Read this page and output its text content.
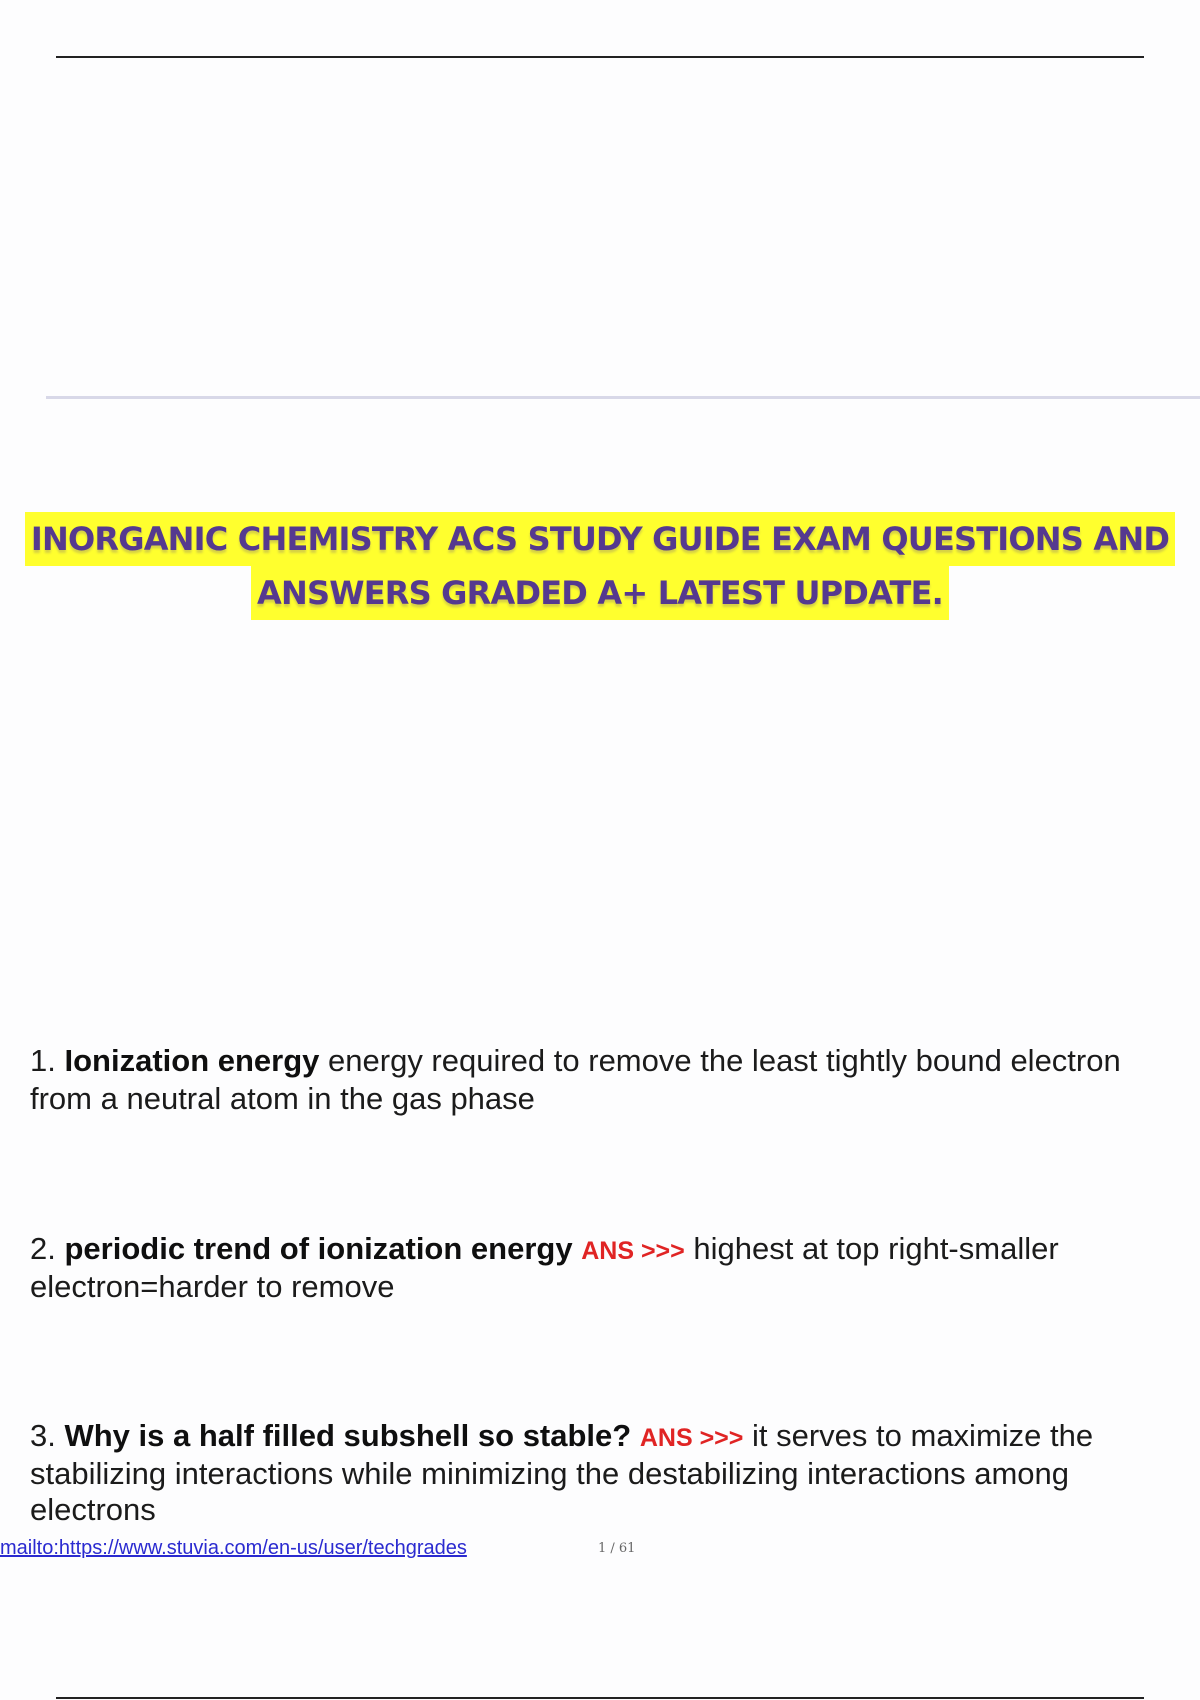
INORGANIC CHEMISTRY ACS STUDY GUIDE EXAM QUESTIONS AND
ANSWERS GRADED A+ LATEST UPDATE.
1. Ionization energy energy required to remove the least tightly bound electron from a neutral atom in the gas phase
2. periodic trend of ionization energy ANS >>> highest at top right-smaller electron=harder to remove
3. Why is a half filled subshell so stable? ANS >>> it serves to maximize the stabilizing interactions while minimizing the destabilizing interactions among electrons
mailto:https://www.stuvia.com/en-us/user/techgrades	1 / 61
